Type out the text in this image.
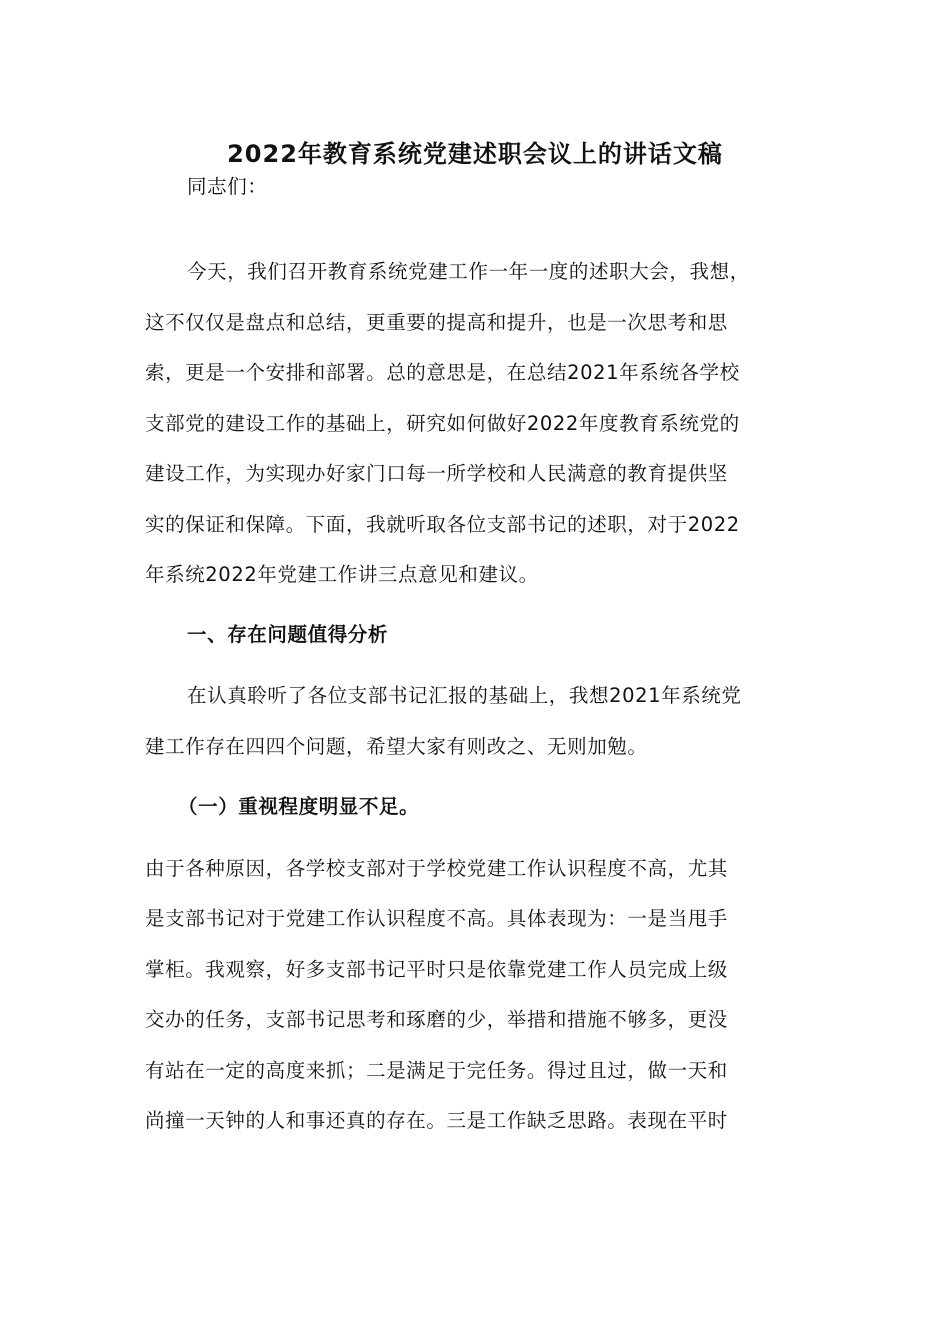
2022年教育系统党建述职会议上的讲话文稿

同志们：

今天，我们召开教育系统党建工作一年一度的述职大会，我想，

这不仅仅是盘点和总结，更重要的提高和提升，也是一次思考和思

索，更是一个安排和部署。总的意思是，在总结2021年系统各学校

支部党的建设工作的基础上，研究如何做好2022年度教育系统党的

建设工作，为实现办好家门口每一所学校和人民满意的教育提供坚

实的保证和保障。下面，我就听取各位支部书记的述职，对于2022

年系统2022年党建工作讲三点意见和建议。

一、存在问题值得分析

在认真聆听了各位支部书记汇报的基础上，我想2021年系统党

建工作存在四四个问题，希望大家有则改之、无则加勉。

（一）重视程度明显不足。

由于各种原因，各学校支部对于学校党建工作认识程度不高，尤其

是支部书记对于党建工作认识程度不高。具体表现为：一是当甩手

掌柜。我观察，好多支部书记平时只是依靠党建工作人员完成上级

交办的任务，支部书记思考和琢磨的少，举措和措施不够多，更没

有站在一定的高度来抓；二是满足于完任务。得过且过，做一天和

尚撞一天钟的人和事还真的存在。三是工作缺乏思路。表现在平时
